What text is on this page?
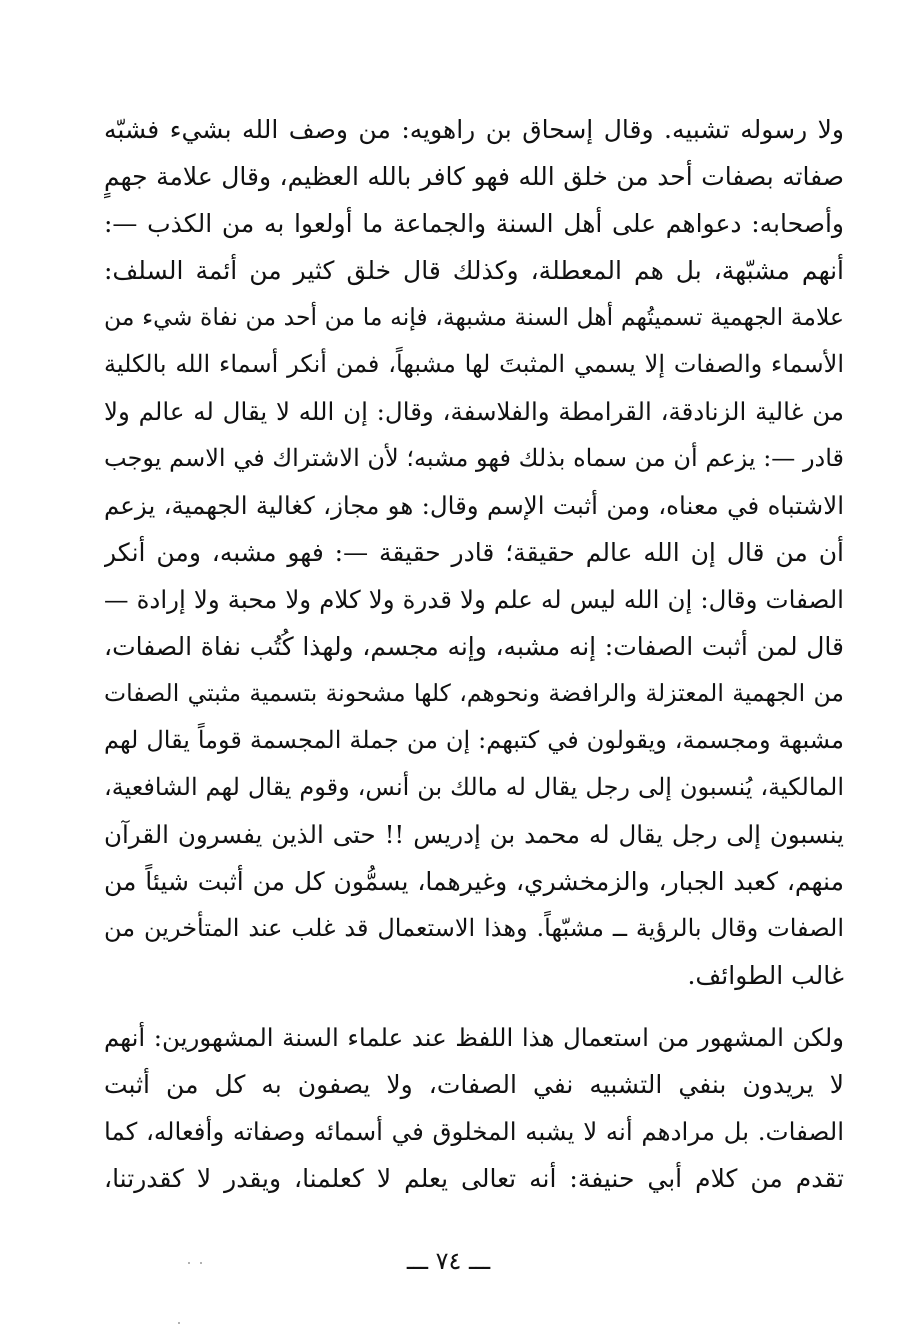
ولا رسوله تشبيه. وقال إسحاق بن راهويه: من وصف الله بشيء فشبّه
صفاته بصفات أحد من خلق الله فهو كافر بالله العظيم، وقال علامة جهمٍ
وأصحابه: دعواهم على أهل السنة والجماعة ما أولعوا به من الكذب —:
أنهم مشبّهة، بل هم المعطلة، وكذلك قال خلق كثير من أئمة السلف:
علامة الجهمية تسميتُهم أهل السنة مشبهة، فإنه ما من أحد من نفاة شيء من
الأسماء والصفات إلا يسمي المثبتَ لها مشبهاً، فمن أنكر أسماء الله بالكلية
من غالية الزنادقة، القرامطة والفلاسفة، وقال: إن الله لا يقال له عالم ولا
قادر —: يزعم أن من سماه بذلك فهو مشبه؛ لأن الاشتراك في الاسم يوجب
الاشتباه في معناه، ومن أثبت الإسم وقال: هو مجاز، كغالية الجهمية، يزعم
أن من قال إن الله عالم حقيقة؛ قادر حقيقة —: فهو مشبه، ومن أنكر
الصفات وقال: إن الله ليس له علم ولا قدرة ولا كلام ولا محبة ولا إرادة —
قال لمن أثبت الصفات: إنه مشبه، وإنه مجسم، ولهذا كُتُب نفاة الصفات،
من الجهمية المعتزلة والرافضة ونحوهم، كلها مشحونة بتسمية مثبتي الصفات
مشبهة ومجسمة، ويقولون في كتبهم: إن من جملة المجسمة قوماً يقال لهم
المالكية، يُنسبون إلى رجل يقال له مالك بن أنس، وقوم يقال لهم الشافعية،
ينسبون إلى رجل يقال له محمد بن إدريس !! حتى الذين يفسرون القرآن
منهم، كعبد الجبار، والزمخشري، وغيرهما، يسمُّون كل من أثبت شيئاً من
الصفات وقال بالرؤية ــ مشبّهاً. وهذا الاستعمال قد غلب عند المتأخرين من
غالب الطوائف.
ولكن المشهور من استعمال هذا اللفظ عند علماء السنة المشهورين: أنهم
لا يريدون بنفي التشبيه نفي الصفات، ولا يصفون به كل من أثبت
الصفات. بل مرادهم أنه لا يشبه المخلوق في أسمائه وصفاته وأفعاله، كما
تقدم من كلام أبي حنيفة: أنه تعالى يعلم لا كعلمنا، ويقدر لا كقدرتنا،
ـــ ٧٤ ـــ
